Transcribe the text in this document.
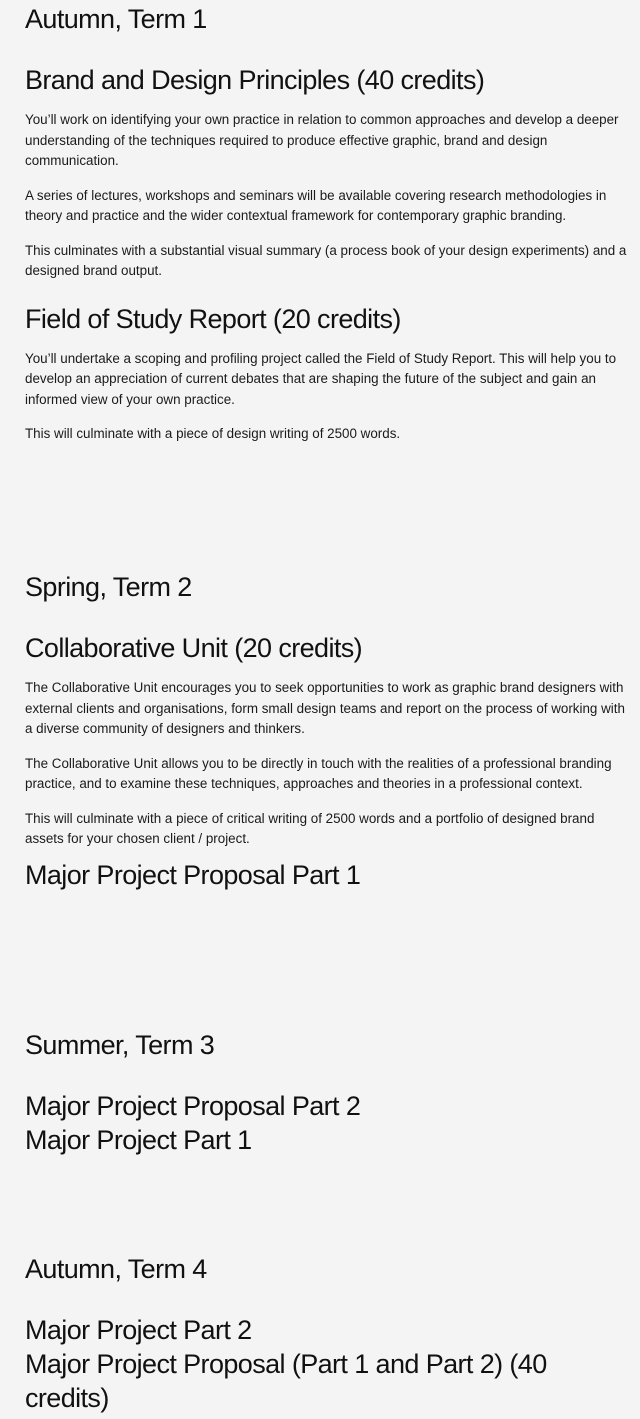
Autumn, Term 1
Brand and Design Principles (40 credits)

You’ll work on identifying your own practice in relation to common approaches and develop a deeper understanding of the techniques required to produce effective graphic, brand and design communication.

A series of lectures, workshops and seminars will be available covering research methodologies in theory and practice and the wider contextual framework for contemporary graphic branding.

This culminates with a substantial visual summary (a process book of your design experiments) and a designed brand output.

Field of Study Report (20 credits)

You’ll undertake a scoping and profiling project called the Field of Study Report. This will help you to develop an appreciation of current debates that are shaping the future of the subject and gain an informed view of your own practice.

This will culminate with a piece of design writing of 2500 words.

Spring, Term 2
Collaborative Unit (20 credits)

The Collaborative Unit encourages you to seek opportunities to work as graphic brand designers with external clients and organisations, form small design teams and report on the process of working with a diverse community of designers and thinkers.

The Collaborative Unit allows you to be directly in touch with the realities of a professional branding practice, and to examine these techniques, approaches and theories in a professional context.

This will culminate with a piece of critical writing of 2500 words and a portfolio of designed brand assets for your chosen client / project.

Major Project Proposal Part 1
Summer, Term 3
Major Project Proposal Part 2
Major Project Part 1
Autumn, Term 4
Major Project Part 2
Major Project Proposal (Part 1 and Part 2) (40 credits)
